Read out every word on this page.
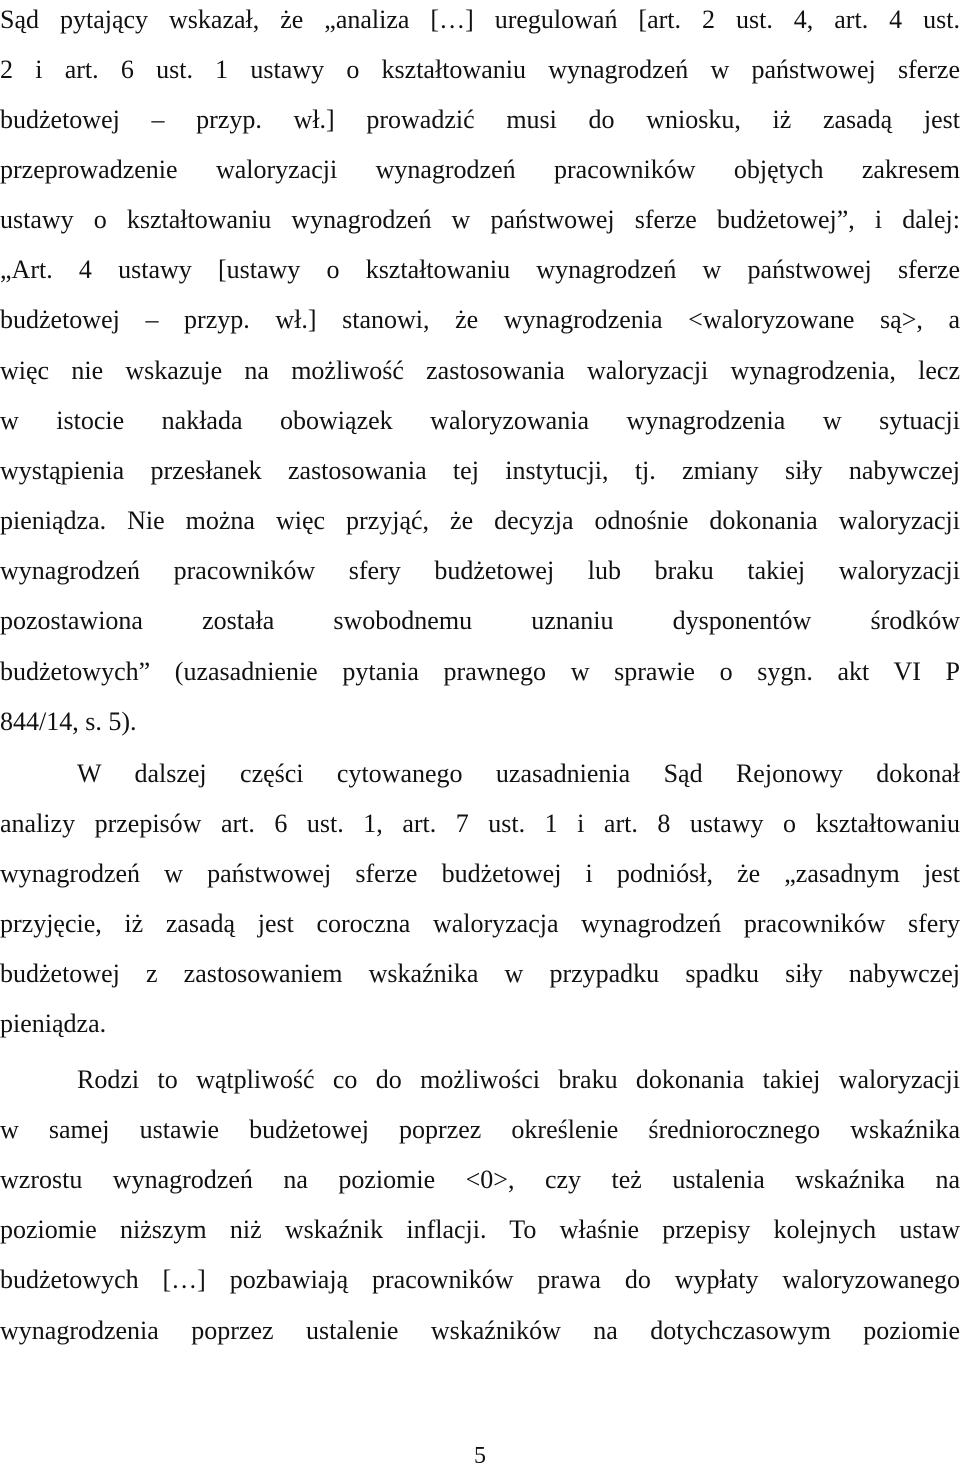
Sąd pytający wskazał, że „analiza […] uregulowań [art. 2 ust. 4, art. 4 ust.

2 i art. 6 ust. 1 ustawy o kształtowaniu wynagrodzeń w państwowej sferze

budżetowej – przyp. wł.] prowadzić musi do wniosku, iż zasadą jest

przeprowadzenie waloryzacji wynagrodzeń pracowników objętych zakresem

ustawy o kształtowaniu wynagrodzeń w państwowej sferze budżetowej”, i dalej:

„Art. 4 ustawy [ustawy o kształtowaniu wynagrodzeń w państwowej sferze

budżetowej – przyp. wł.] stanowi, że wynagrodzenia <waloryzowane są>, a

więc nie wskazuje na możliwość zastosowania waloryzacji wynagrodzenia, lecz

w istocie nakłada obowiązek waloryzowania wynagrodzenia w sytuacji

wystąpienia przesłanek zastosowania tej instytucji, tj. zmiany siły nabywczej

pieniądza. Nie można więc przyjąć, że decyzja odnośnie dokonania waloryzacji

wynagrodzeń pracowników sfery budżetowej lub braku takiej waloryzacji

pozostawiona została swobodnemu uznaniu dysponentów środków

budżetowych” (uzasadnienie pytania prawnego w sprawie o sygn. akt VI P

844/14, s. 5).

W dalszej części cytowanego uzasadnienia Sąd Rejonowy dokonał

analizy przepisów art. 6 ust. 1, art. 7 ust. 1 i art. 8 ustawy o kształtowaniu

wynagrodzeń w państwowej sferze budżetowej i podniósł, że „zasadnym jest

przyjęcie, iż zasadą jest coroczna waloryzacja wynagrodzeń pracowników sfery

budżetowej z zastosowaniem wskaźnika w przypadku spadku siły nabywczej

pieniądza.

Rodzi to wątpliwość co do możliwości braku dokonania takiej waloryzacji

w samej ustawie budżetowej poprzez określenie średniorocznego wskaźnika

wzrostu wynagrodzeń na poziomie <0>, czy też ustalenia wskaźnika na

poziomie niższym niż wskaźnik inflacji. To właśnie przepisy kolejnych ustaw

budżetowych […] pozbawiają pracowników prawa do wypłaty waloryzowanego

wynagrodzenia poprzez ustalenie wskaźników na dotychczasowym poziomie

5
